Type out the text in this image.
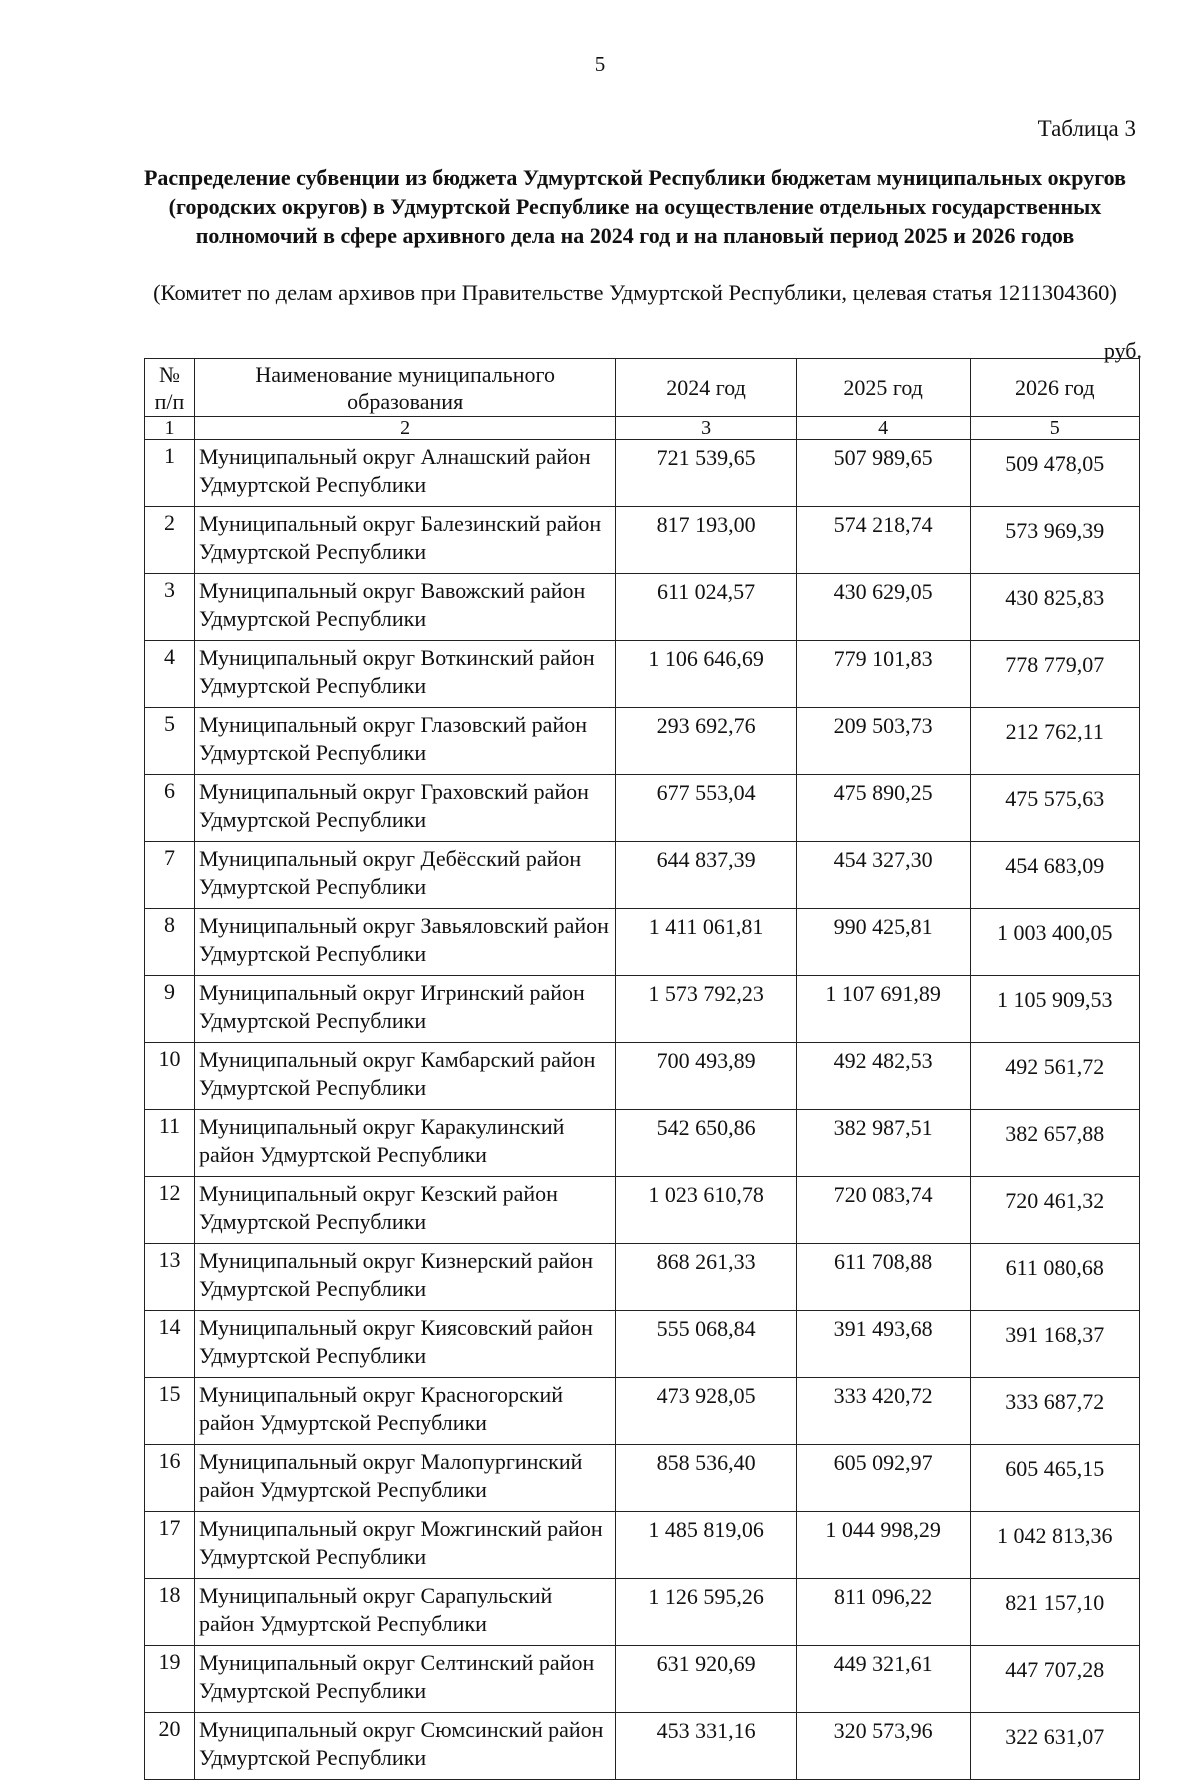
5
Таблица 3
Распределение субвенции из бюджета Удмуртской Республики бюджетам муниципальных округов (городских округов) в Удмуртской Республике на осуществление отдельных государственных полномочий в сфере архивного дела на 2024 год и на плановый период 2025 и 2026 годов
(Комитет по делам архивов при Правительстве Удмуртской Республики, целевая статья 1211304360)
руб.
№ п/п	Наименование муниципального образования	2024 год	2025 год	2026 год
1	2	3	4	5
1	Муниципальный округ Алнашский район Удмуртской Республики	721 539,65	507 989,65	509 478,05
2	Муниципальный округ Балезинский район Удмуртской Республики	817 193,00	574 218,74	573 969,39
3	Муниципальный округ Вавожский район Удмуртской Республики	611 024,57	430 629,05	430 825,83
4	Муниципальный округ Воткинский район Удмуртской Республики	1 106 646,69	779 101,83	778 779,07
5	Муниципальный округ Глазовский район Удмуртской Республики	293 692,76	209 503,73	212 762,11
6	Муниципальный округ Граховский район Удмуртской Республики	677 553,04	475 890,25	475 575,63
7	Муниципальный округ Дебёсский район Удмуртской Республики	644 837,39	454 327,30	454 683,09
8	Муниципальный округ Завьяловский район Удмуртской Республики	1 411 061,81	990 425,81	1 003 400,05
9	Муниципальный округ Игринский район Удмуртской Республики	1 573 792,23	1 107 691,89	1 105 909,53
10	Муниципальный округ Камбарский район Удмуртской Республики	700 493,89	492 482,53	492 561,72
11	Муниципальный округ Каракулинский район Удмуртской Республики	542 650,86	382 987,51	382 657,88
12	Муниципальный округ Кезский район Удмуртской Республики	1 023 610,78	720 083,74	720 461,32
13	Муниципальный округ Кизнерский район Удмуртской Республики	868 261,33	611 708,88	611 080,68
14	Муниципальный округ Киясовский район Удмуртской Республики	555 068,84	391 493,68	391 168,37
15	Муниципальный округ Красногорский район Удмуртской Республики	473 928,05	333 420,72	333 687,72
16	Муниципальный округ Малопургинский район Удмуртской Республики	858 536,40	605 092,97	605 465,15
17	Муниципальный округ Можгинский район Удмуртской Республики	1 485 819,06	1 044 998,29	1 042 813,36
18	Муниципальный округ Сарапульский район Удмуртской Республики	1 126 595,26	811 096,22	821 157,10
19	Муниципальный округ Селтинский район Удмуртской Республики	631 920,69	449 321,61	447 707,28
20	Муниципальный округ Сюмсинский район Удмуртской Республики	453 331,16	320 573,96	322 631,07
